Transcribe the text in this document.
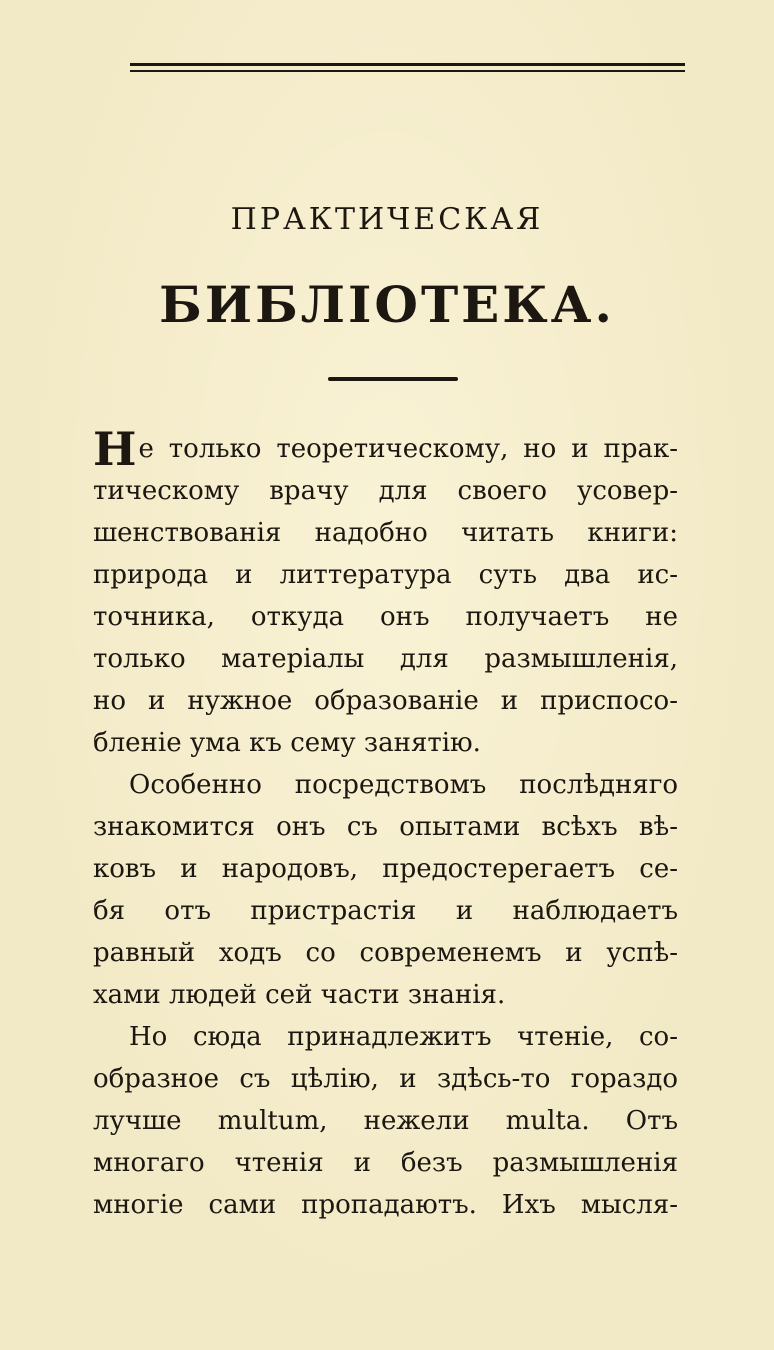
ПРАКТИЧЕСКАЯ
БИБЛIОТЕКА.
Не только теоретическому, но и прак-
тическому врачу для своего усовер-
шенствованія надобно читать книги:
природа и литтература суть два ис-
точника, откуда онъ получаетъ не
только матеріалы для размышленія,
но и нужное образованіе и приспосо-
бленіе ума къ сему занятію.
Особенно посредствомъ послѣдняго
знакомится онъ съ опытами всѣхъ вѣ-
ковъ и народовъ, предостерегаетъ се-
бя отъ пристрастія и наблюдаетъ
равный ходъ со современемъ и успѣ-
хами людей сей части знанія.
Но сюда принадлежитъ чтеніе, со-
образное съ цѣлію, и здѣсь-то гораздо
лучше multum, нежели multa. Отъ
многаго чтенія и безъ размышленія
многіе сами пропадаютъ. Ихъ мысля-
